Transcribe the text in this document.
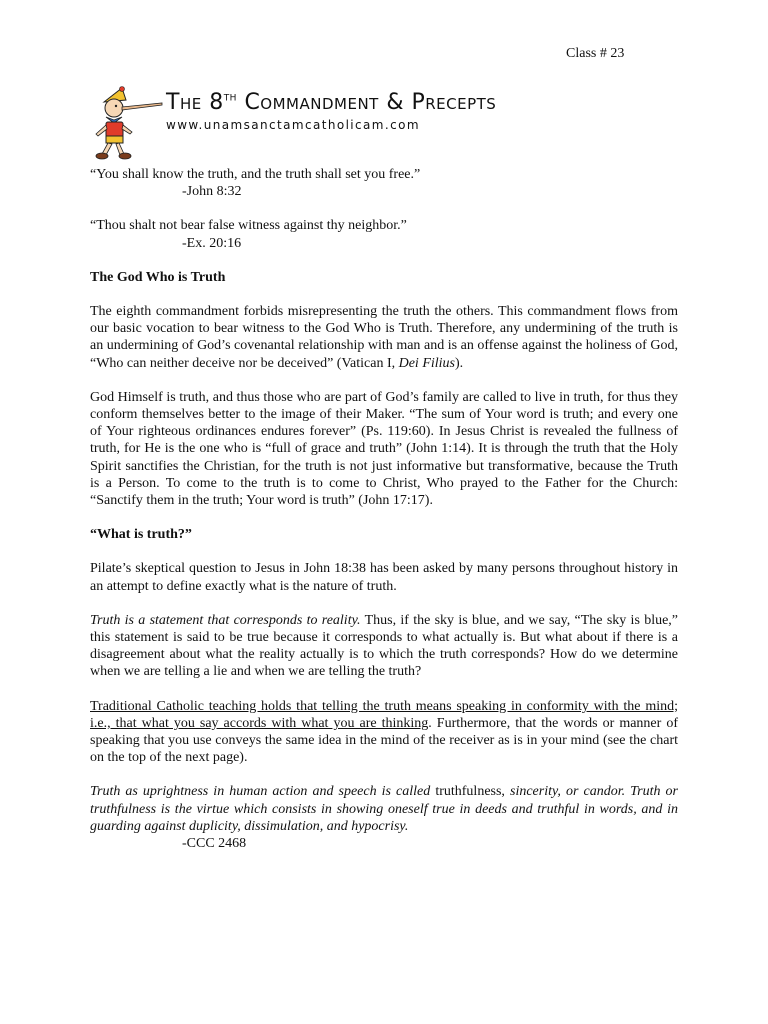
Class # 23
The 8th Commandment & Precepts
www.unamsanctamcatholicam.com

“You shall know the truth, and the truth shall set you free.”

-John 8:32

“Thou shalt not bear false witness against thy neighbor.”

-Ex. 20:16

The God Who is Truth

The eighth commandment forbids misrepresenting the truth the others. This commandment flows from our basic vocation to bear witness to the God Who is Truth. Therefore, any undermining of the truth is an undermining of God’s covenantal relationship with man and is an offense against the holiness of God, “Who can neither deceive nor be deceived” (Vatican I, Dei Filius).

God Himself is truth, and thus those who are part of God’s family are called to live in truth, for thus they conform themselves better to the image of their Maker. “The sum of Your word is truth; and every one of Your righteous ordinances endures forever” (Ps. 119:60). In Jesus Christ is revealed the fullness of truth, for He is the one who is “full of grace and truth” (John 1:14). It is through the truth that the Holy Spirit sanctifies the Christian, for the truth is not just informative but transformative, because the Truth is a Person. To come to the truth is to come to Christ, Who prayed to the Father for the Church: “Sanctify them in the truth; Your word is truth” (John 17:17).

“What is truth?”

Pilate’s skeptical question to Jesus in John 18:38 has been asked by many persons throughout history in an attempt to define exactly what is the nature of truth.

Truth is a statement that corresponds to reality. Thus, if the sky is blue, and we say, “The sky is blue,” this statement is said to be true because it corresponds to what actually is. But what about if there is a disagreement about what the reality actually is to which the truth corresponds? How do we determine when we are telling a lie and when we are telling the truth?

Traditional Catholic teaching holds that telling the truth means speaking in conformity with the mind; i.e., that what you say accords with what you are thinking. Furthermore, that the words or manner of speaking that you use conveys the same idea in the mind of the receiver as is in your mind (see the chart on the top of the next page).

Truth as uprightness in human action and speech is called truthfulness, sincerity, or candor. Truth or truthfulness is the virtue which consists in showing oneself true in deeds and truthful in words, and in guarding against duplicity, dissimulation, and hypocrisy.

-CCC 2468
